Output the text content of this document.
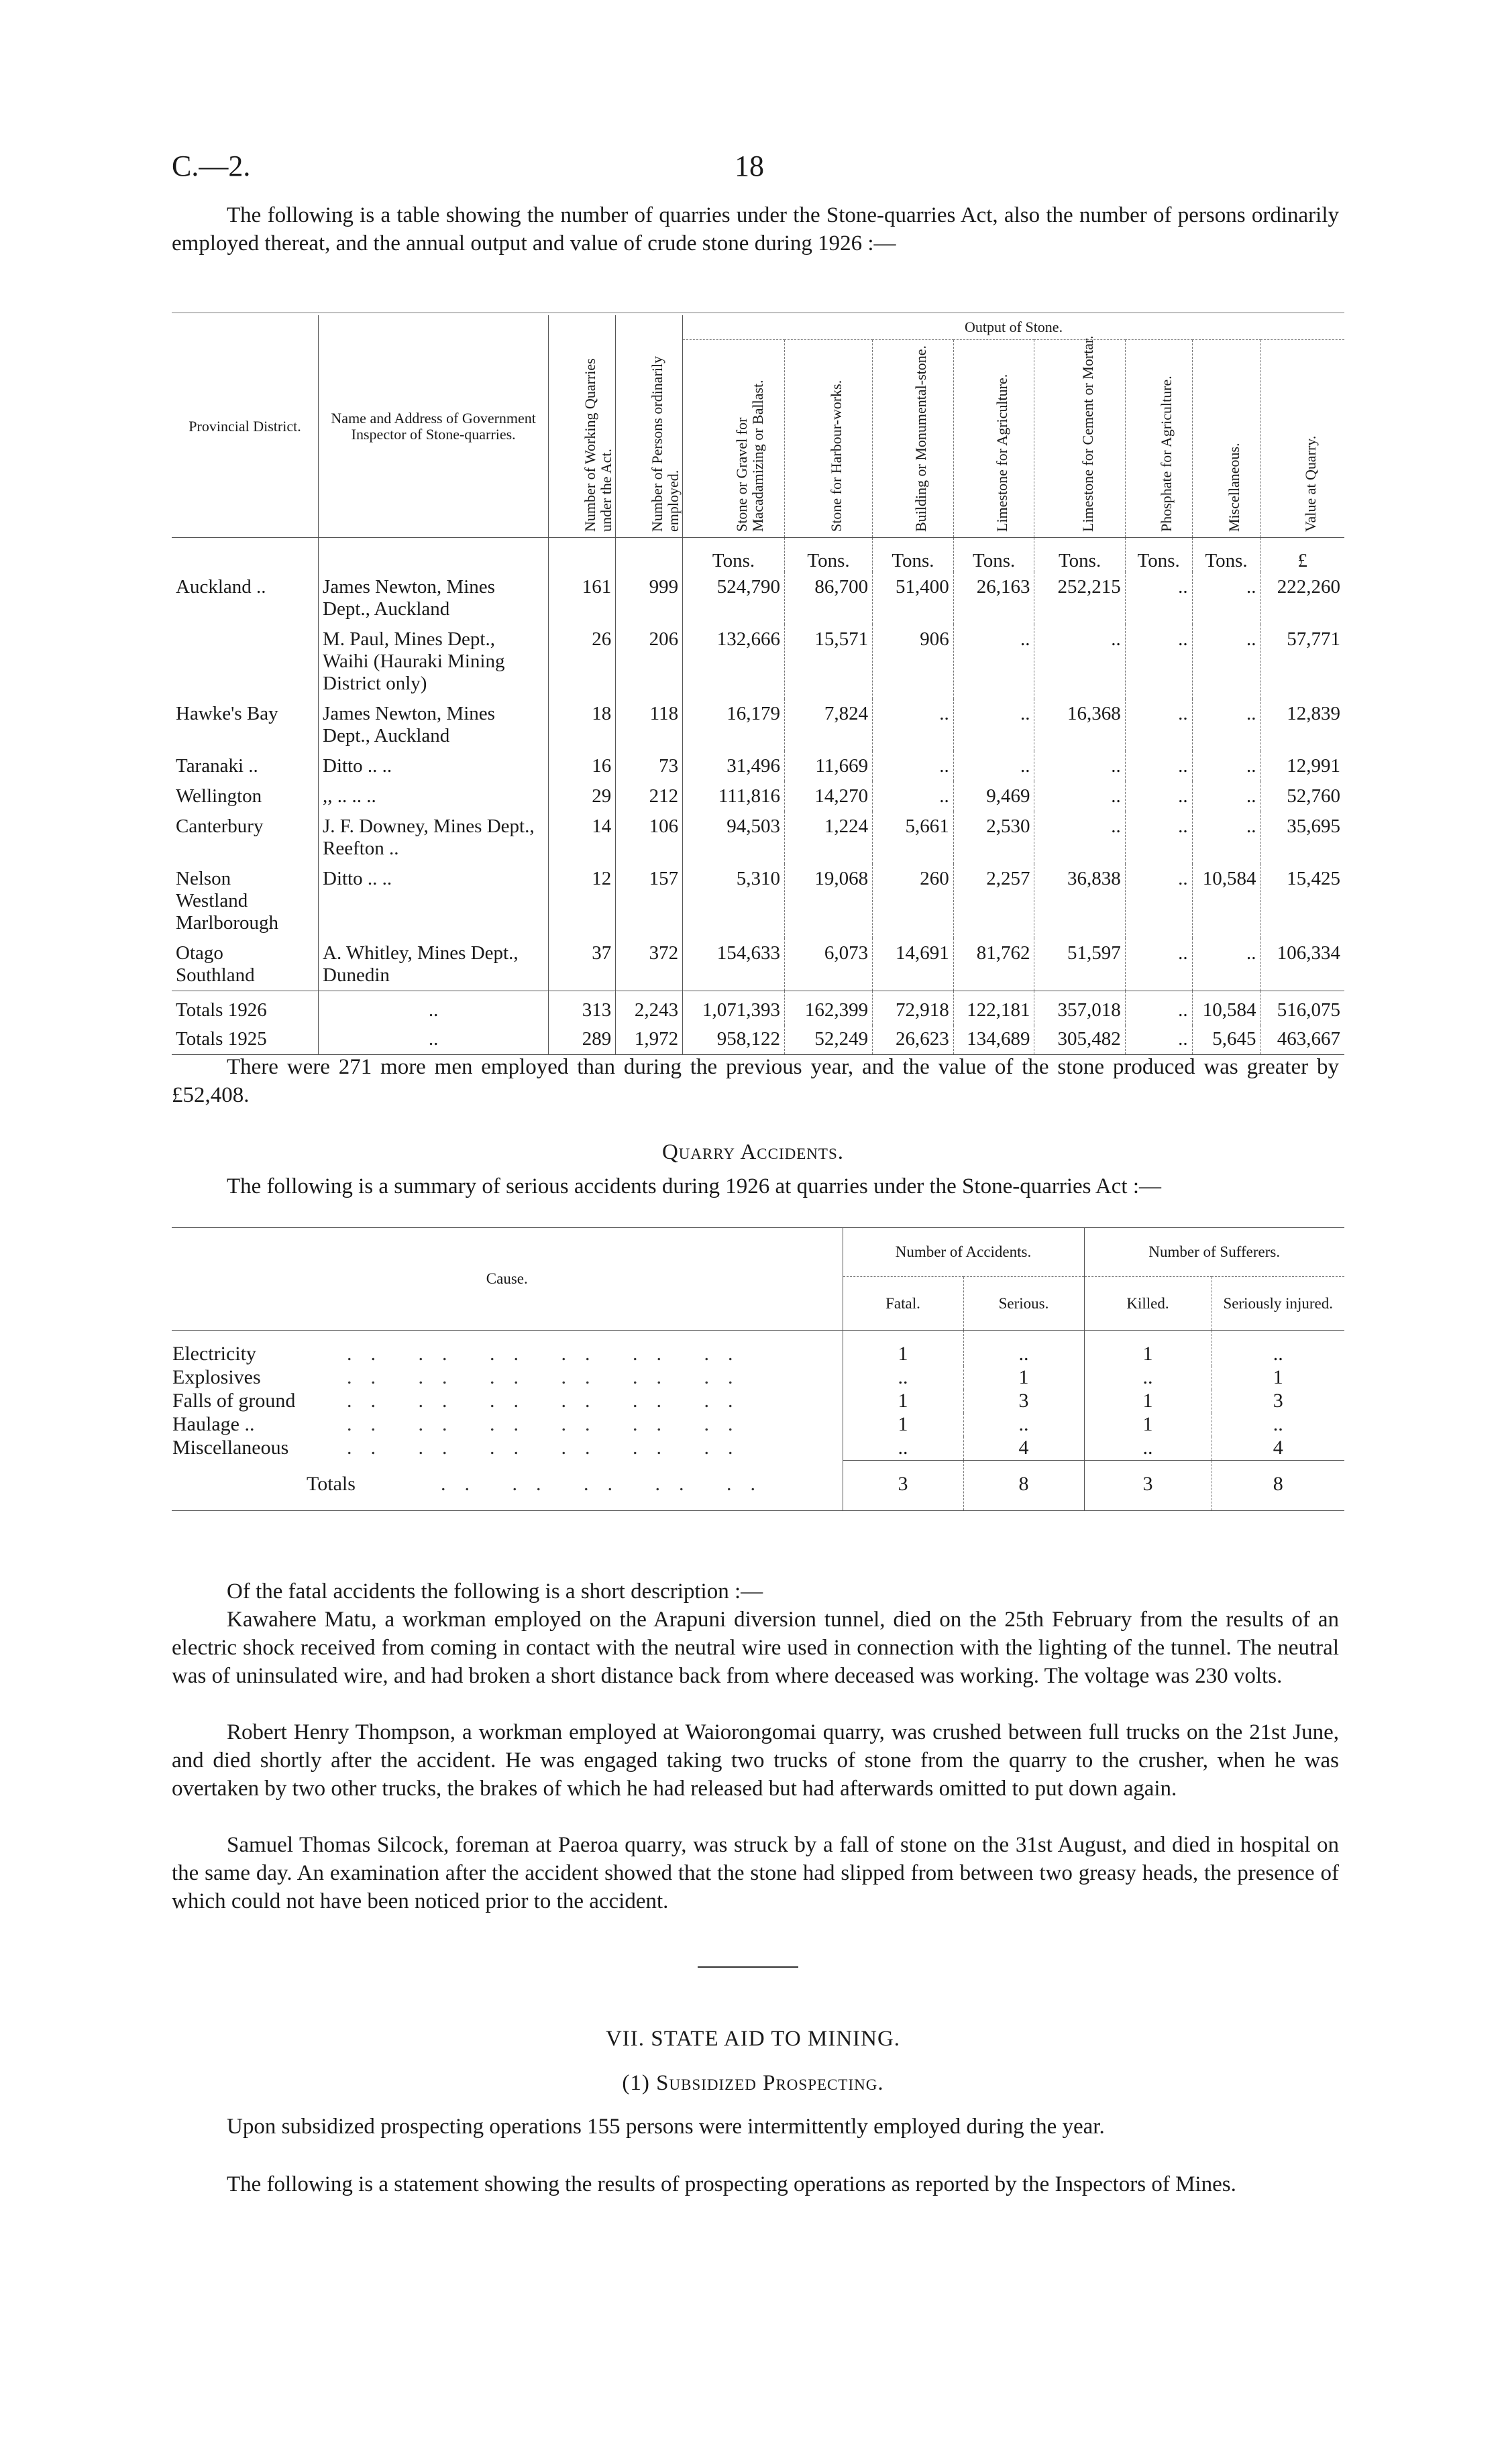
C.—2.	18

The following is a table showing the number of quarries under the Stone-quarries Act, also the number of persons ordinarily employed thereat, and the annual output and value of crude stone during 1926 :—

Provincial District.	Name and Address of Government Inspector of Stone-quarries.	Number of Working Quarries under the Act.	Number of Persons ordinarily employed.	Output of Stone.							

				Stone or Gravel for Macadamizing or Ballast.	Stone for Harbour-works.	Building or Monumental-stone.	Limestone for Agriculture.	Limestone for Cement or Mortar.	Phosphate for Agriculture.	Miscellaneous.	Value at Quarry.

				Tons.	Tons.	Tons.	Tons.	Tons.	Tons.	Tons.	£
Auckland ..	James Newton, Mines Dept., Auckland	161	999	524,790	86,700	51,400	26,163	252,215	..	..	222,260
	M. Paul, Mines Dept., Waihi (Hauraki Mining District only)	26	206	132,666	15,571	906	..	..	..	..	57,771
Hawke's Bay	James Newton, Mines Dept., Auckland	18	118	16,179	7,824	..	..	16,368	..	..	12,839
Taranaki ..	Ditto .. ..	16	73	31,496	11,669	..	..	..	..	..	12,991
Wellington	,, .. .. ..	29	212	111,816	14,270	..	9,469	..	..	..	52,760
Canterbury	J. F. Downey, Mines Dept., Reefton ..	14	106	94,503	1,224	5,661	2,530	..	..	..	35,695
Nelson
Westland
Marlborough	Ditto .. ..	12	157	5,310	19,068	260	2,257	36,838	..	10,584	15,425
Otago
Southland	A. Whitley, Mines Dept., Dunedin	37	372	154,633	6,073	14,691	81,762	51,597	..	..	106,334
Totals 1926	..	313	2,243	1,071,393	162,399	72,918	122,181	357,018	..	10,584	516,075
Totals 1925	..	289	1,972	958,122	52,249	26,623	134,689	305,482	..	5,645	463,667

There were 271 more men employed than during the previous year, and the value of the stone produced was greater by £52,408.

Quarry Accidents.

The following is a summary of serious accidents during 1926 at quarries under the Stone-quarries Act :—

Cause.	Number of Accidents.		Number of Sufferers.	
	Fatal.	Serious.	Killed.	Seriously injured.
Electricity .. .. .. .. .. ..	1	..	1	..
Explosives .. .. .. .. .. ..	..	1	..	1
Falls of ground .. .. .. .. .. ..	1	3	1	3
Haulage .. .. .. .. .. .. ..	1	..	1	..
Miscellaneous .. .. .. .. .. ..	..	4	..	4
Totals .. .. .. .. ..	3	8	3	8

Of the fatal accidents the following is a short description :—

Kawahere Matu, a workman employed on the Arapuni diversion tunnel, died on the 25th February from the results of an electric shock received from coming in contact with the neutral wire used in connection with the lighting of the tunnel. The neutral was of uninsulated wire, and had broken a short distance back from where deceased was working. The voltage was 230 volts.

Robert Henry Thompson, a workman employed at Waiorongomai quarry, was crushed between full trucks on the 21st June, and died shortly after the accident. He was engaged taking two trucks of stone from the quarry to the crusher, when he was overtaken by two other trucks, the brakes of which he had released but had afterwards omitted to put down again.

Samuel Thomas Silcock, foreman at Paeroa quarry, was struck by a fall of stone on the 31st August, and died in hospital on the same day. An examination after the accident showed that the stone had slipped from between two greasy heads, the presence of which could not have been noticed prior to the accident.

VII. STATE AID TO MINING.
(1) Subsidized Prospecting.

Upon subsidized prospecting operations 155 persons were intermittently employed during the year.

The following is a statement showing the results of prospecting operations as reported by the Inspectors of Mines.
